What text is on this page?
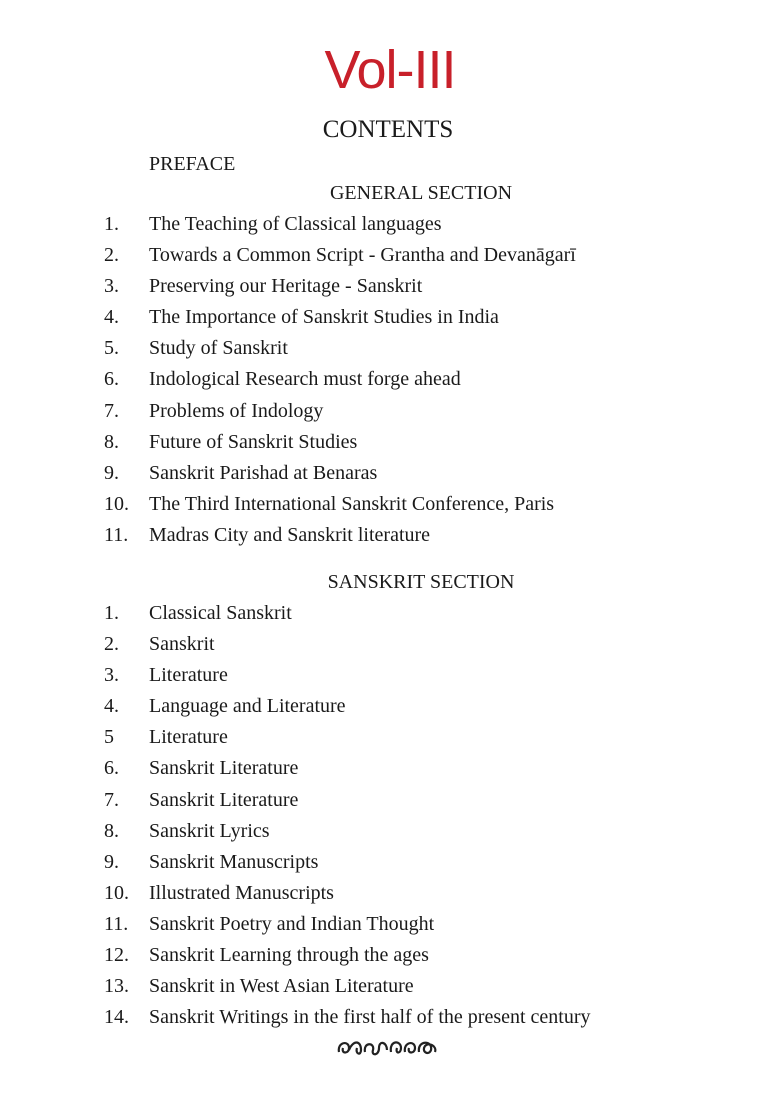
Vol-III
CONTENTS
PREFACE
GENERAL SECTION
1.	The Teaching of Classical languages
2.	Towards a Common Script - Grantha and Devanāgarī
3.	Preserving our Heritage - Sanskrit
4.	The Importance of Sanskrit Studies in India
5.	Study of Sanskrit
6.	Indological Research must forge ahead
7.	Problems of Indology
8.	Future of Sanskrit Studies
9.	Sanskrit Parishad at Benaras
10.	The Third International Sanskrit Conference, Paris
11.	Madras City and Sanskrit literature
SANSKRIT SECTION
1.	Classical Sanskrit
2.	Sanskrit
3.	Literature
4.	Language and Literature
5	Literature
6.	Sanskrit Literature
7.	Sanskrit Literature
8.	Sanskrit Lyrics
9.	Sanskrit Manuscripts
10.	Illustrated Manuscripts
11.	Sanskrit Poetry and Indian Thought
12.	Sanskrit Learning through the ages
13.	Sanskrit in West Asian Literature
14.	Sanskrit Writings in the first half of the present century
